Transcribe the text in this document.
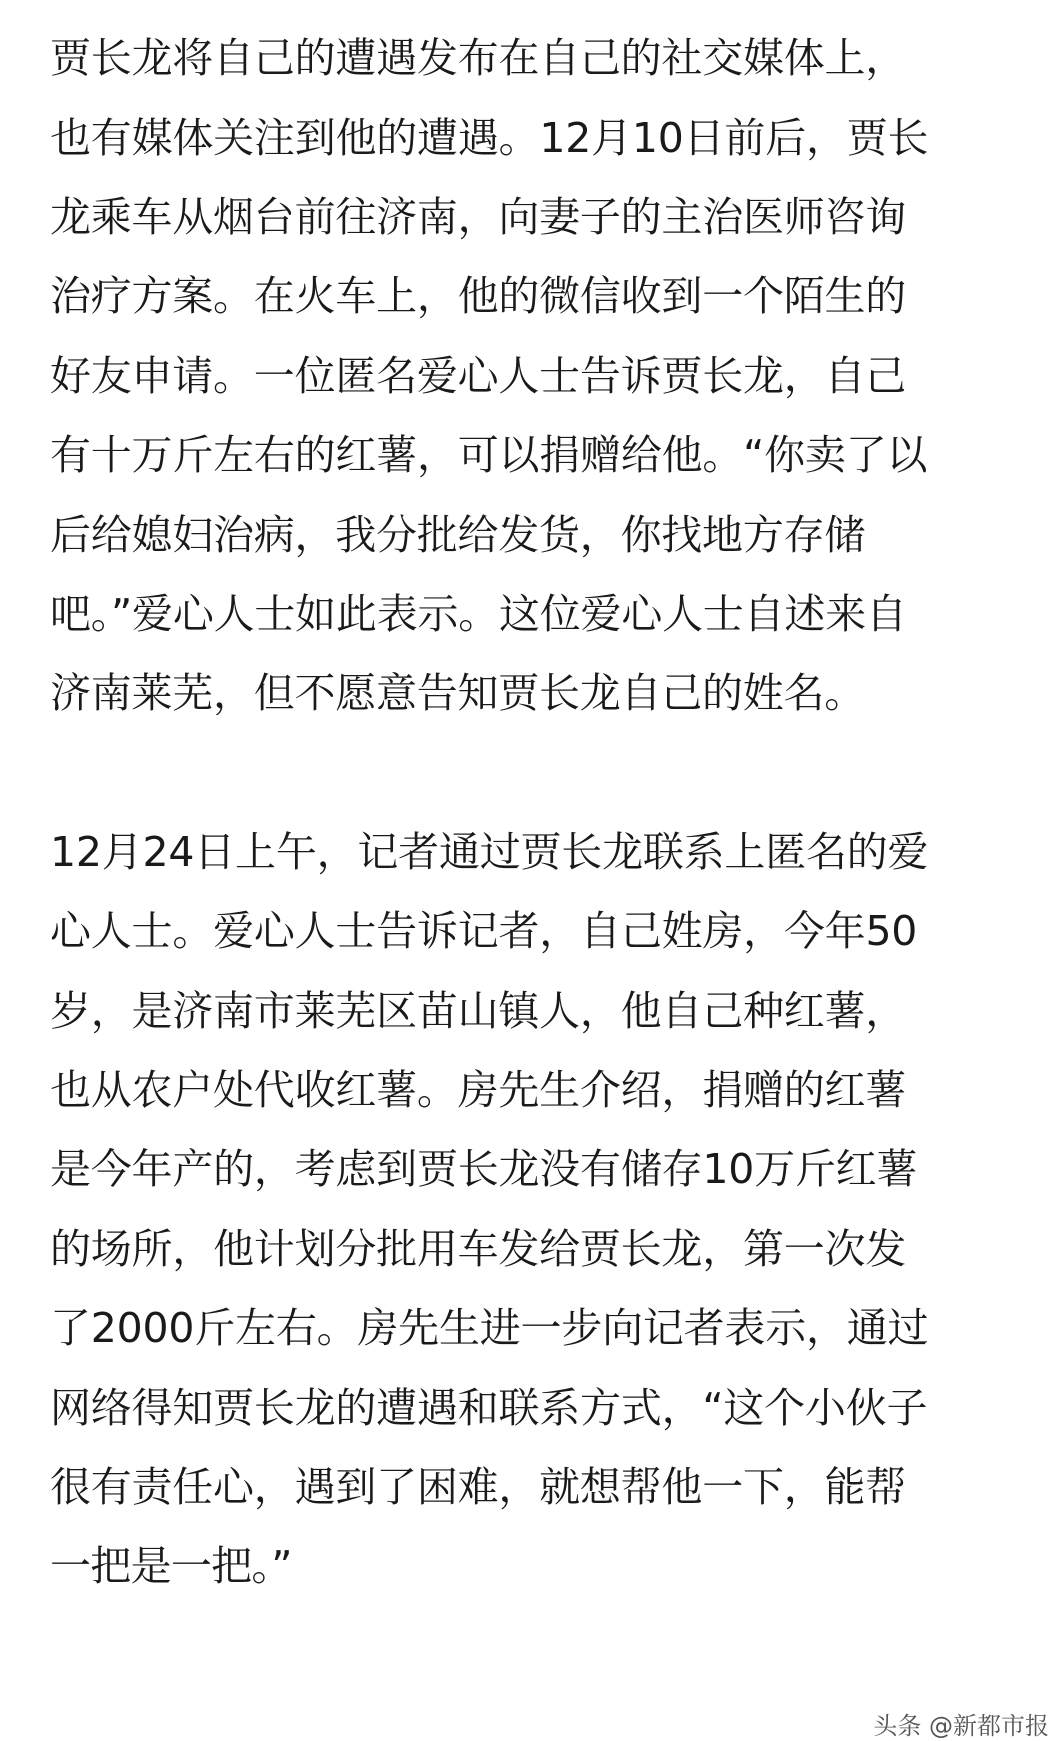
贾长龙将自己的遭遇发布在自己的社交媒体上，
也有媒体关注到他的遭遇。12月10日前后，贾长
龙乘车从烟台前往济南，向妻子的主治医师咨询
治疗方案。在火车上，他的微信收到一个陌生的
好友申请。一位匿名爱心人士告诉贾长龙，自己
有十万斤左右的红薯，可以捐赠给他。“你卖了以
后给媳妇治病，我分批给发货，你找地方存储
吧。”爱心人士如此表示。这位爱心人士自述来自
济南莱芜，但不愿意告知贾长龙自己的姓名。
12月24日上午，记者通过贾长龙联系上匿名的爱
心人士。爱心人士告诉记者，自己姓房，今年50
岁，是济南市莱芜区苗山镇人，他自己种红薯，
也从农户处代收红薯。房先生介绍，捐赠的红薯
是今年产的，考虑到贾长龙没有储存10万斤红薯
的场所，他计划分批用车发给贾长龙，第一次发
了2000斤左右。房先生进一步向记者表示，通过
网络得知贾长龙的遭遇和联系方式，“这个小伙子
很有责任心，遇到了困难，就想帮他一下，能帮
一把是一把。”
头条 @新都市报
